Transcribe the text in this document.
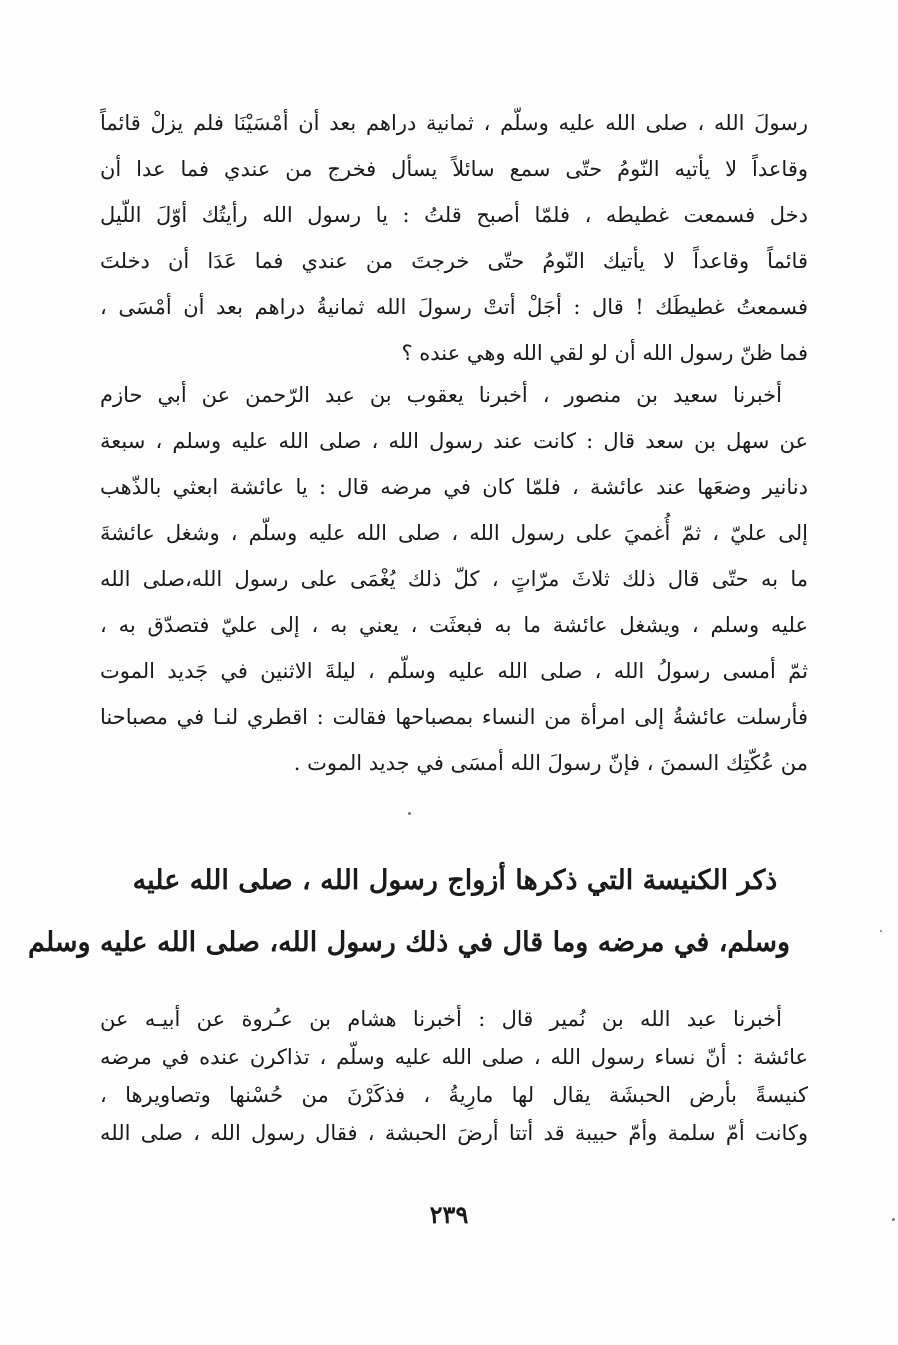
رسولَ الله ، صلى الله عليه وسلّم ، ثمانية دراهم بعد أن أمْسَيْنَا فلم يزلْ قائماً
وقاعداً لا يأتيه النّومُ حتّى سمع سائلاً يسأل فخرج من عندي فما عدا أن
دخل فسمعت غطيطه ، فلمّا أصبح قلتُ : يا رسول الله رأيتُك أوّلَ اللّيل
قائماً وقاعداً لا يأتيك النّومُ حتّى خرجتَ من عندي فما عَدَا أن دخلتَ
فسمعتُ غطيطَك ! قال : أجَلْ أتتْ رسولَ الله ثمانيةُ دراهم بعد أن أمْسَى ،
فما ظنّ رسول الله أن لو لقي الله وهي عنده ؟
أخبرنا سعيد بن منصور ، أخبرنا يعقوب بن عبد الرّحمن عن أبي حازم
عن سهل بن سعد قال : كانت عند رسول الله ، صلى الله عليه وسلم ، سبعة
دنانير وضعَها عند عائشة ، فلمّا كان في مرضه قال : يا عائشة ابعثي بالذّهب
إلى عليّ ، ثمّ أُغميَ على رسول الله ، صلى الله عليه وسلّم ، وشغل عائشةَ
ما به حتّى قال ذلك ثلاثَ مرّاتٍ ، كلّ ذلك يُغْمَى على رسول الله،صلى الله
عليه وسلم ، ويشغل عائشة ما به فبعثَت ، يعني به ، إلى عليّ فتصدّق به ،
ثمّ أمسى رسولُ الله ، صلى الله عليه وسلّم ، ليلةَ الاثنين في جَديد الموت
فأرسلت عائشةُ إلى امرأة من النساء بمصباحها فقالت : اقطري لنـا في مصباحنا
من عُكّتِك السمنَ ، فإنّ رسولَ الله أمسَى في جديد الموت .
ذكر الكنيسة التي ذكرها أزواج رسول الله ، صلى الله عليه
وسلم، في مرضه وما قال في ذلك رسول الله، صلى الله عليه وسلم
أخبرنا عبد الله بن نُمير قال : أخبرنا هشام بن عـُروة عن أبيـه عن
عائشة : أنّ نساء رسول الله ، صلى الله عليه وسلّم ، تذاكرن عنده في مرضه
كنيسةً بأرض الحبشَة يقال لها مارِيةُ ، فذكَرْنَ من حُسْنها وتصاويرها ،
وكانت أمّ سلمة وأمّ حبيبة قد أتتا أرضَ الحبشة ، فقال رسول الله ، صلى الله
٢٣٩
